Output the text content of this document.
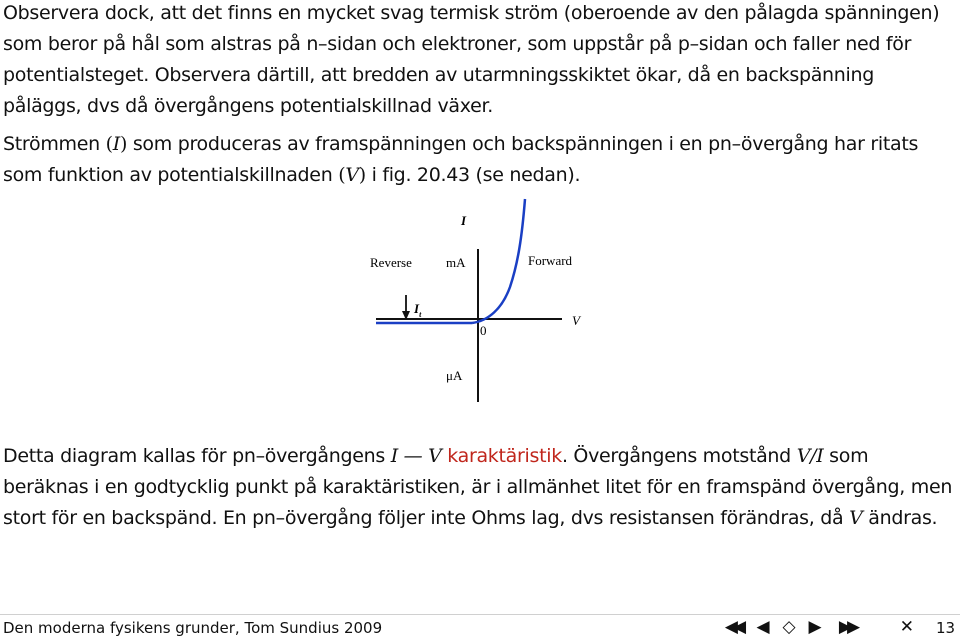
Observera dock, att det finns en mycket svag termisk ström (oberoende av den pålagda spänningen) som beror på hål som alstras på n–sidan och elektroner, som uppstår på p–sidan och faller ned för potentialsteget. Observera därtill, att bredden av utarmningsskiktet ökar, då en backspänning påläggs, dvs då övergångens potentialskillnad växer.

Strömmen (I) som produceras av framspänningen och backspänningen i en pn–övergång har ritats som funktion av potentialskillnaden (V) i fig. 20.43 (se nedan).

I
mA
Reverse	Forward
$I_t$
0
V
μA

Detta diagram kallas för pn–övergångens I — V karaktäristik. Övergångens motstånd V/I som beräknas i en godtycklig punkt på karaktäristiken, är i allmänhet litet för en framspänd övergång, men stort för en backspänd. En pn–övergång följer inte Ohms lag, dvs resistansen förändras, då V ändras.

Den moderna fysikens grunder, Tom Sundius 2009	◀◀ ◀ ◇ ▶	▶▶	✕ 13
